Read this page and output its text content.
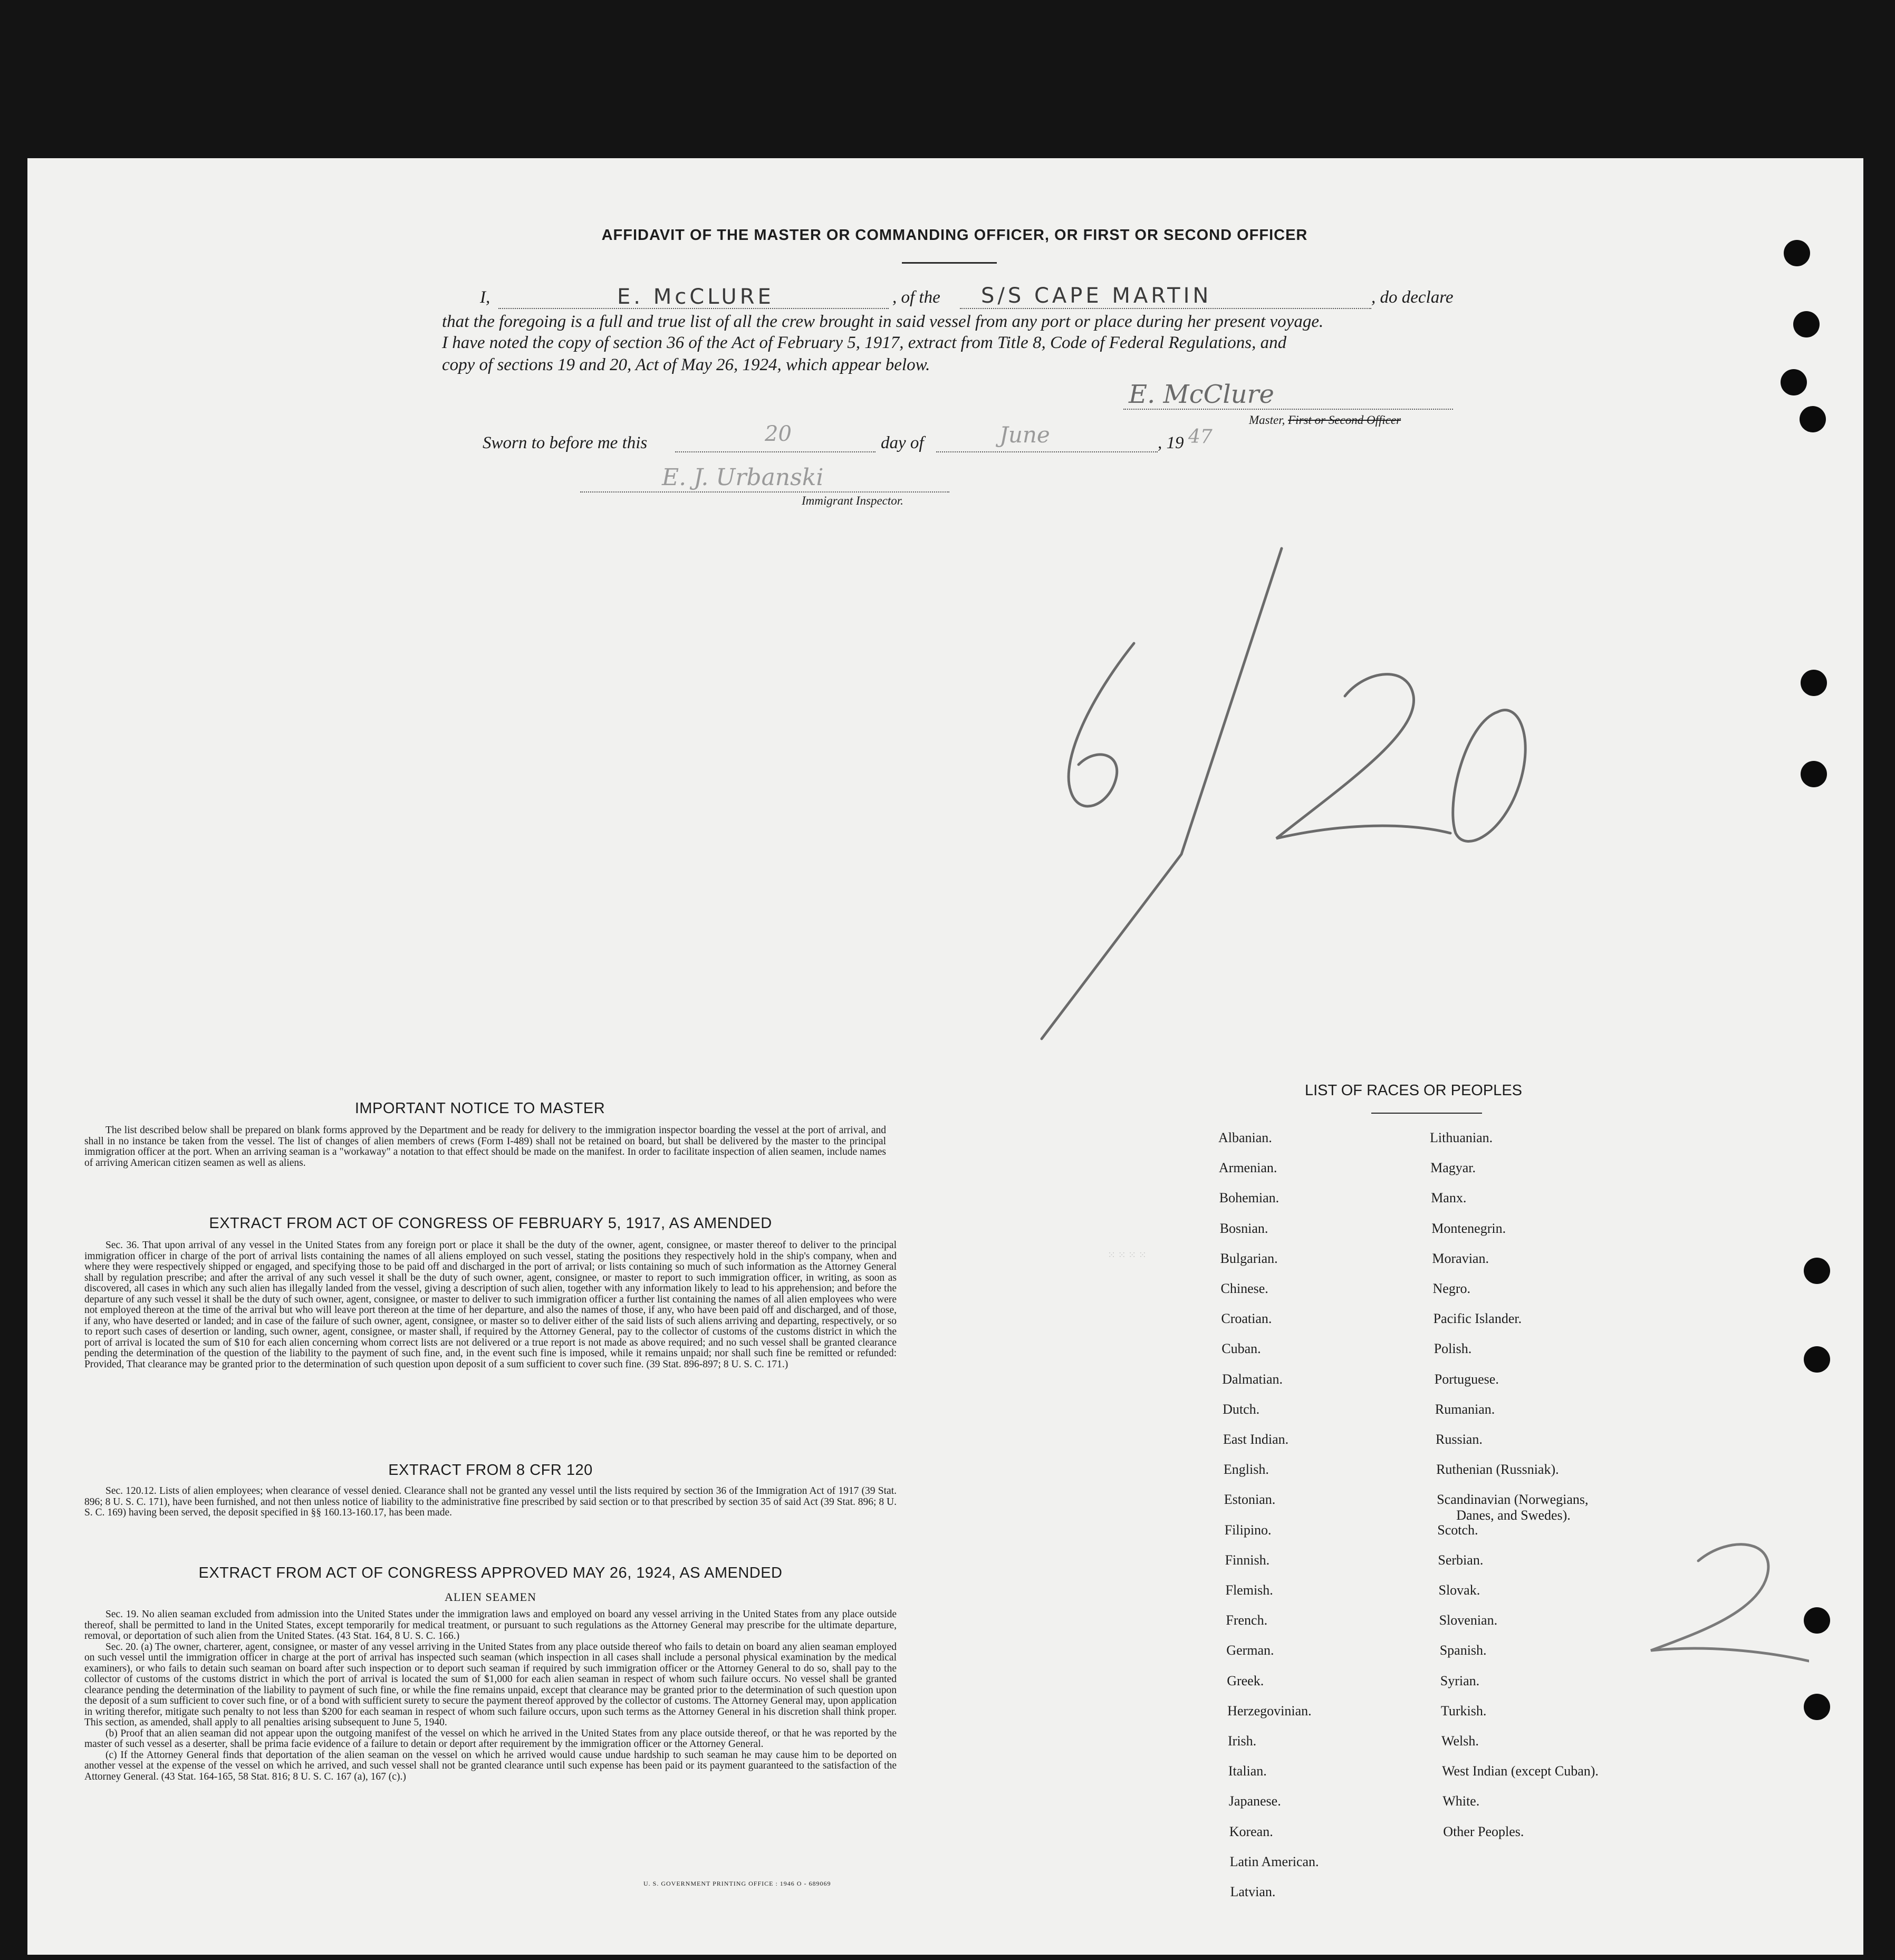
AFFIDAVIT OF THE MASTER OR COMMANDING OFFICER, OR FIRST OR SECOND OFFICER
I,	E. McCLURE	, of the S/S CAPE MARTIN	, do declare
that the foregoing is a full and true list of all the crew brought in said vessel from any port or place during her present voyage.
I have noted the copy of section 36 of the Act of February 5, 1917, extract from Title 8, Code of Federal Regulations, and
copy of sections 19 and 20, Act of May 26, 1924, which appear below.
E. McClure
Master, First or Second Officer
Sworn to before me this	20	day of	June	, 19 47
E. J. Urbanski
Immigrant Inspector.
IMPORTANT NOTICE TO MASTER

The list described below shall be prepared on blank forms approved by the Department and be ready for delivery to the immigration inspector boarding the vessel at the port of arrival, and shall in no instance be taken from the vessel. The list of changes of alien members of crews (Form I-489) shall not be retained on board, but shall be delivered by the master to the principal immigration officer at the port. When an arriving seaman is a "workaway" a notation to that effect should be made on the manifest. In order to facilitate inspection of alien seamen, include names of arriving American citizen seamen as well as aliens.

EXTRACT FROM ACT OF CONGRESS OF FEBRUARY 5, 1917, AS AMENDED

Sec. 36. That upon arrival of any vessel in the United States from any foreign port or place it shall be the duty of the owner, agent, consignee, or master thereof to deliver to the principal immigration officer in charge of the port of arrival lists containing the names of all aliens employed on such vessel, stating the positions they respectively hold in the ship's company, when and where they were respectively shipped or engaged, and specifying those to be paid off and discharged in the port of arrival; or lists containing so much of such information as the Attorney General shall by regulation prescribe; and after the arrival of any such vessel it shall be the duty of such owner, agent, consignee, or master to report to such immigration officer, in writing, as soon as discovered, all cases in which any such alien has illegally landed from the vessel, giving a description of such alien, together with any information likely to lead to his apprehension; and before the departure of any such vessel it shall be the duty of such owner, agent, consignee, or master to deliver to such immigration officer a further list containing the names of all alien employees who were not employed thereon at the time of the arrival but who will leave port thereon at the time of her departure, and also the names of those, if any, who have been paid off and discharged, and of those, if any, who have deserted or landed; and in case of the failure of such owner, agent, consignee, or master so to deliver either of the said lists of such aliens arriving and departing, respectively, or so to report such cases of desertion or landing, such owner, agent, consignee, or master shall, if required by the Attorney General, pay to the collector of customs of the customs district in which the port of arrival is located the sum of $10 for each alien concerning whom correct lists are not delivered or a true report is not made as above required; and no such vessel shall be granted clearance pending the determination of the question of the liability to the payment of such fine, and, in the event such fine is imposed, while it remains unpaid; nor shall such fine be remitted or refunded: Provided, That clearance may be granted prior to the determination of such question upon deposit of a sum sufficient to cover such fine. (39 Stat. 896-897; 8 U. S. C. 171.)

EXTRACT FROM 8 CFR 120

Sec. 120.12. Lists of alien employees; when clearance of vessel denied. Clearance shall not be granted any vessel until the lists required by section 36 of the Immigration Act of 1917 (39 Stat. 896; 8 U. S. C. 171), have been furnished, and not then unless notice of liability to the administrative fine prescribed by said section or to that prescribed by section 35 of said Act (39 Stat. 896; 8 U. S. C. 169) having been served, the deposit specified in §§ 160.13-160.17, has been made.

EXTRACT FROM ACT OF CONGRESS APPROVED MAY 26, 1924, AS AMENDED
ALIEN SEAMEN

Sec. 19. No alien seaman excluded from admission into the United States under the immigration laws and employed on board any vessel arriving in the United States from any place outside thereof, shall be permitted to land in the United States, except temporarily for medical treatment, or pursuant to such regulations as the Attorney General may prescribe for the ultimate departure, removal, or deportation of such alien from the United States. (43 Stat. 164, 8 U. S. C. 166.)

Sec. 20. (a) The owner, charterer, agent, consignee, or master of any vessel arriving in the United States from any place outside thereof who fails to detain on board any alien seaman employed on such vessel until the immigration officer in charge at the port of arrival has inspected such seaman (which inspection in all cases shall include a personal physical examination by the medical examiners), or who fails to detain such seaman on board after such inspection or to deport such seaman if required by such immigration officer or the Attorney General to do so, shall pay to the collector of customs of the customs district in which the port of arrival is located the sum of $1,000 for each alien seaman in respect of whom such failure occurs. No vessel shall be granted clearance pending the determination of the liability to payment of such fine, or while the fine remains unpaid, except that clearance may be granted prior to the determination of such question upon the deposit of a sum sufficient to cover such fine, or of a bond with sufficient surety to secure the payment thereof approved by the collector of customs. The Attorney General may, upon application in writing therefor, mitigate such penalty to not less than $200 for each seaman in respect of whom such failure occurs, upon such terms as the Attorney General in his discretion shall think proper. This section, as amended, shall apply to all penalties arising subsequent to June 5, 1940.

(b) Proof that an alien seaman did not appear upon the outgoing manifest of the vessel on which he arrived in the United States from any place outside thereof, or that he was reported by the master of such vessel as a deserter, shall be prima facie evidence of a failure to detain or deport after requirement by the immigration officer or the Attorney General.

(c) If the Attorney General finds that deportation of the alien seaman on the vessel on which he arrived would cause undue hardship to such seaman he may cause him to be deported on another vessel at the expense of the vessel on which he arrived, and such vessel shall not be granted clearance until such expense has been paid or its payment guaranteed to the satisfaction of the Attorney General. (43 Stat. 164-165, 58 Stat. 816; 8 U. S. C. 167 (a), 167 (c).)

U. S. GOVERNMENT PRINTING OFFICE : 1946 O - 689069
LIST OF RACES OR PEOPLES
⁙ ⁙ ⁙ ⁙
Albanian.
Armenian.
Bohemian.
Bosnian.
Bulgarian.
Chinese.
Croatian.
Cuban.
Dalmatian.
Dutch.
East Indian.
English.
Estonian.
Filipino.
Finnish.
Flemish.
French.
German.
Greek.
Herzegovinian.
Irish.
Italian.
Japanese.
Korean.
Latin American.
Latvian.
Lithuanian.
Magyar.
Manx.
Montenegrin.
Moravian.
Negro.
Pacific Islander.
Polish.
Portuguese.
Rumanian.
Russian.
Ruthenian (Russniak).
Scandinavian (Norwegians,
Danes, and Swedes).
Scotch.
Serbian.
Slovak.
Slovenian.
Spanish.
Syrian.
Turkish.
Welsh.
West Indian (except Cuban).
White.
Other Peoples.
